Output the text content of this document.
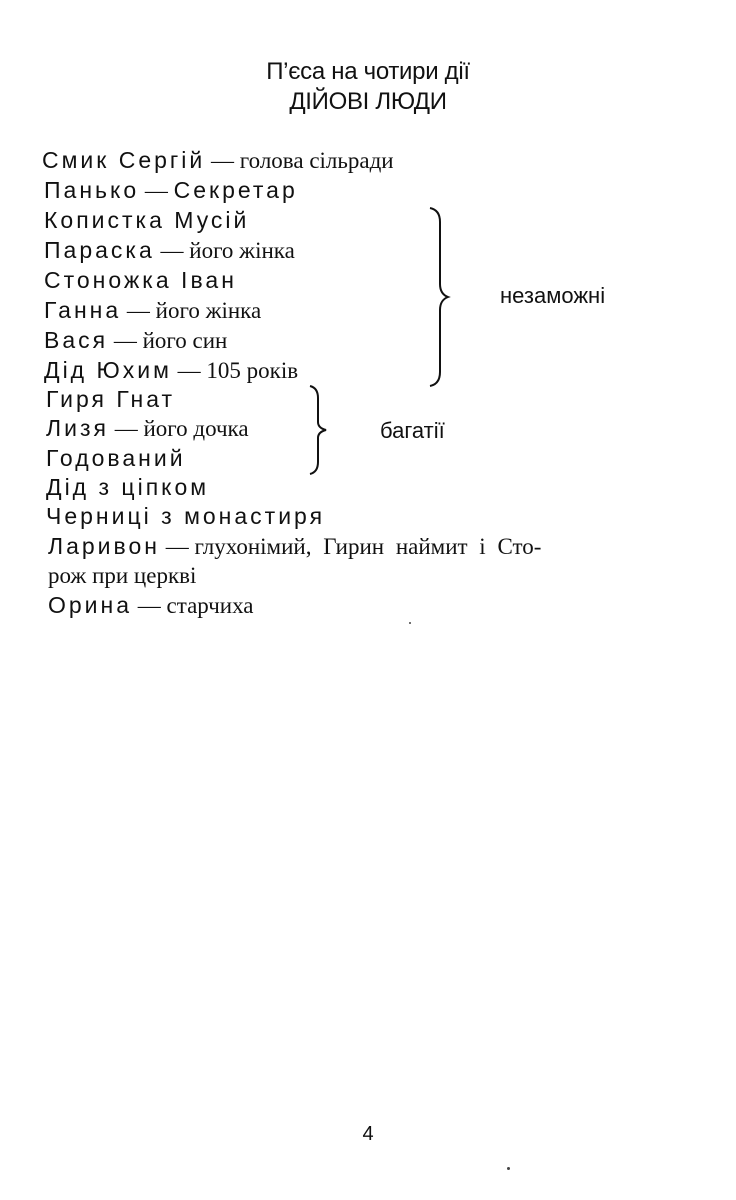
П’єса на чотири дії
ДІЙОВІ ЛЮДИ
Смик Сергій — голова сільради
Панько — Секретар
Копистка Мусій
Параска — його жінка
Стоножка Іван
Ганна — його жінка
Вася — його син
Дід Юхим — 105 років
Гиря Гнат
Лизя — його дочка
Годований
Дід з ціпком
Черниці з монастиря
Ларивон — глухонімий, Гирин наймит і Сто-
рож при церкві
Орина — старчиха
незаможні
багатії
4
